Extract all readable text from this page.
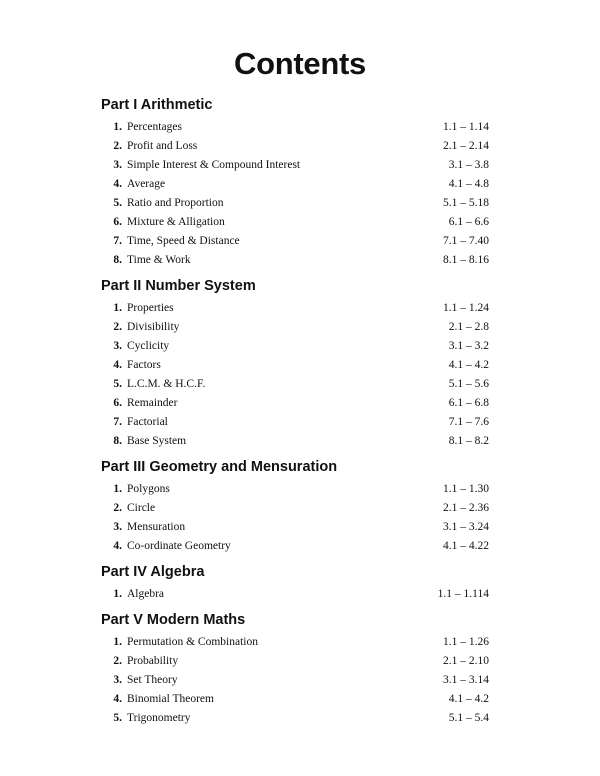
Contents
Part I Arithmetic
1. Percentages	1.1 – 1.14
2. Profit and Loss	2.1 – 2.14
3. Simple Interest & Compound Interest	3.1 – 3.8
4. Average	4.1 – 4.8
5. Ratio and Proportion	5.1 – 5.18
6. Mixture & Alligation	6.1 – 6.6
7. Time, Speed & Distance	7.1 – 7.40
8. Time & Work	8.1 – 8.16
Part II Number System
1. Properties	1.1 – 1.24
2. Divisibility	2.1 – 2.8
3. Cyclicity	3.1 – 3.2
4. Factors	4.1 – 4.2
5. L.C.M. & H.C.F.	5.1 – 5.6
6. Remainder	6.1 – 6.8
7. Factorial	7.1 – 7.6
8. Base System	8.1 – 8.2
Part III Geometry and Mensuration
1. Polygons	1.1 – 1.30
2. Circle	2.1 – 2.36
3. Mensuration	3.1 – 3.24
4. Co-ordinate Geometry	4.1 – 4.22
Part IV Algebra
1. Algebra	1.1 – 1.114
Part V Modern Maths
1. Permutation & Combination	1.1 – 1.26
2. Probability	2.1 – 2.10
3. Set Theory	3.1 – 3.14
4. Binomial Theorem	4.1 – 4.2
5. Trigonometry	5.1 – 5.4
